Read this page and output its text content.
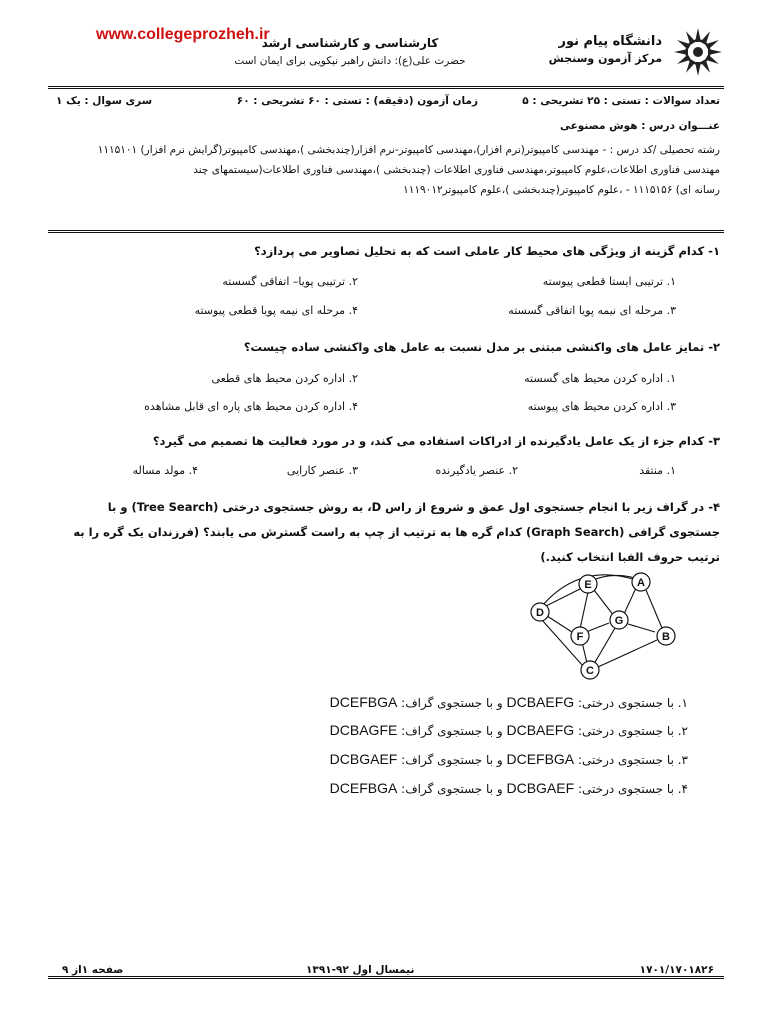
www.collegeprozheh.ir
کارشناسی و کارشناسی ارشد
حضرت علی(ع): دانش راهبر نیکویی برای ایمان است
دانشگاه پیام نور
مرکز آزمون وسنجش
تعداد سوالات : تستی : ۲۵ تشریحی : ۵
زمان آزمون (دقیقه) : تستی : ۶۰ تشریحی : ۶۰
سری سوال : یک ۱
عنـــوان درس : هوش مصنوعی
رشته تحصیلی /کد درس : - مهندسی کامپیوتر(نرم افزار)،مهندسی کامپیوتر-نرم افزار(چندبخشی )،مهندسی کامپیوتر(گرایش نرم افزار) ۱۱۱۵۱۰۱
مهندسی فناوری اطلاعات،علوم کامپیوتر،مهندسی فناوری اطلاعات (چندبخشی )،مهندسی فناوری اطلاعات(سیستمهای چند
رسانه ای) ۱۱۱۵۱۵۶ - ،علوم کامپیوتر(چندبخشی )،علوم کامپیوتر۱۱۱۹۰۱۲
۱- کدام گزینه از ویژگی های محیط کار عاملی است که به تحلیل تصاویر می پردازد؟
۱. ترتیبی ایستا قطعی پیوسته
۲. ترتیبی پویا– اتفاقی گسسته
۳. مرحله ای نیمه پویا اتفاقی گسسته
۴. مرحله ای نیمه پویا قطعی پیوسته
۲- تمایز عامل های واکنشی مبتنی بر مدل نسبت به عامل های واکنشی ساده چیست؟
۱. اداره کردن محیط های گسسته
۲. اداره کردن محیط های قطعی
۳. اداره کردن محیط های پیوسته
۴. اداره کردن محیط های پاره ای قابل مشاهده
۳- کدام جزء از یک عامل یادگیرنده از ادراکات استفاده می کند، و در مورد فعالیت ها تصمیم می گیرد؟
۱. منتقد
۲. عنصر یادگیرنده
۳. عنصر کارایی
۴. مولد مساله
۴- در گراف زیر با انجام جستجوی اول عمق و شروع از راس D، به روش جستجوی درختی (Tree Search) و با
جستجوی گرافی (Graph Search) کدام گره ها به ترتیب از چپ به راست گسترش می یابند؟ (فرزندان یک گره را به
ترتیب حروف الفبا انتخاب کنید.)
A
B
C
D
E
F
G
۱. با جستجوی درختی: DCBAEFG و با جستجوی گراف: DCEFBGA
۲. با جستجوی درختی: DCBAEFG و با جستجوی گراف: DCBAGFE
۳. با جستجوی درختی: DCEFBGA و با جستجوی گراف: DCBGAEF
۴. با جستجوی درختی: DCBGAEF و با جستجوی گراف: DCEFBGA
۱۷۰۱/۱۷۰۱۸۲۶
نیمسال اول ۹۲-۱۳۹۱
صفحه ۱از ۹
